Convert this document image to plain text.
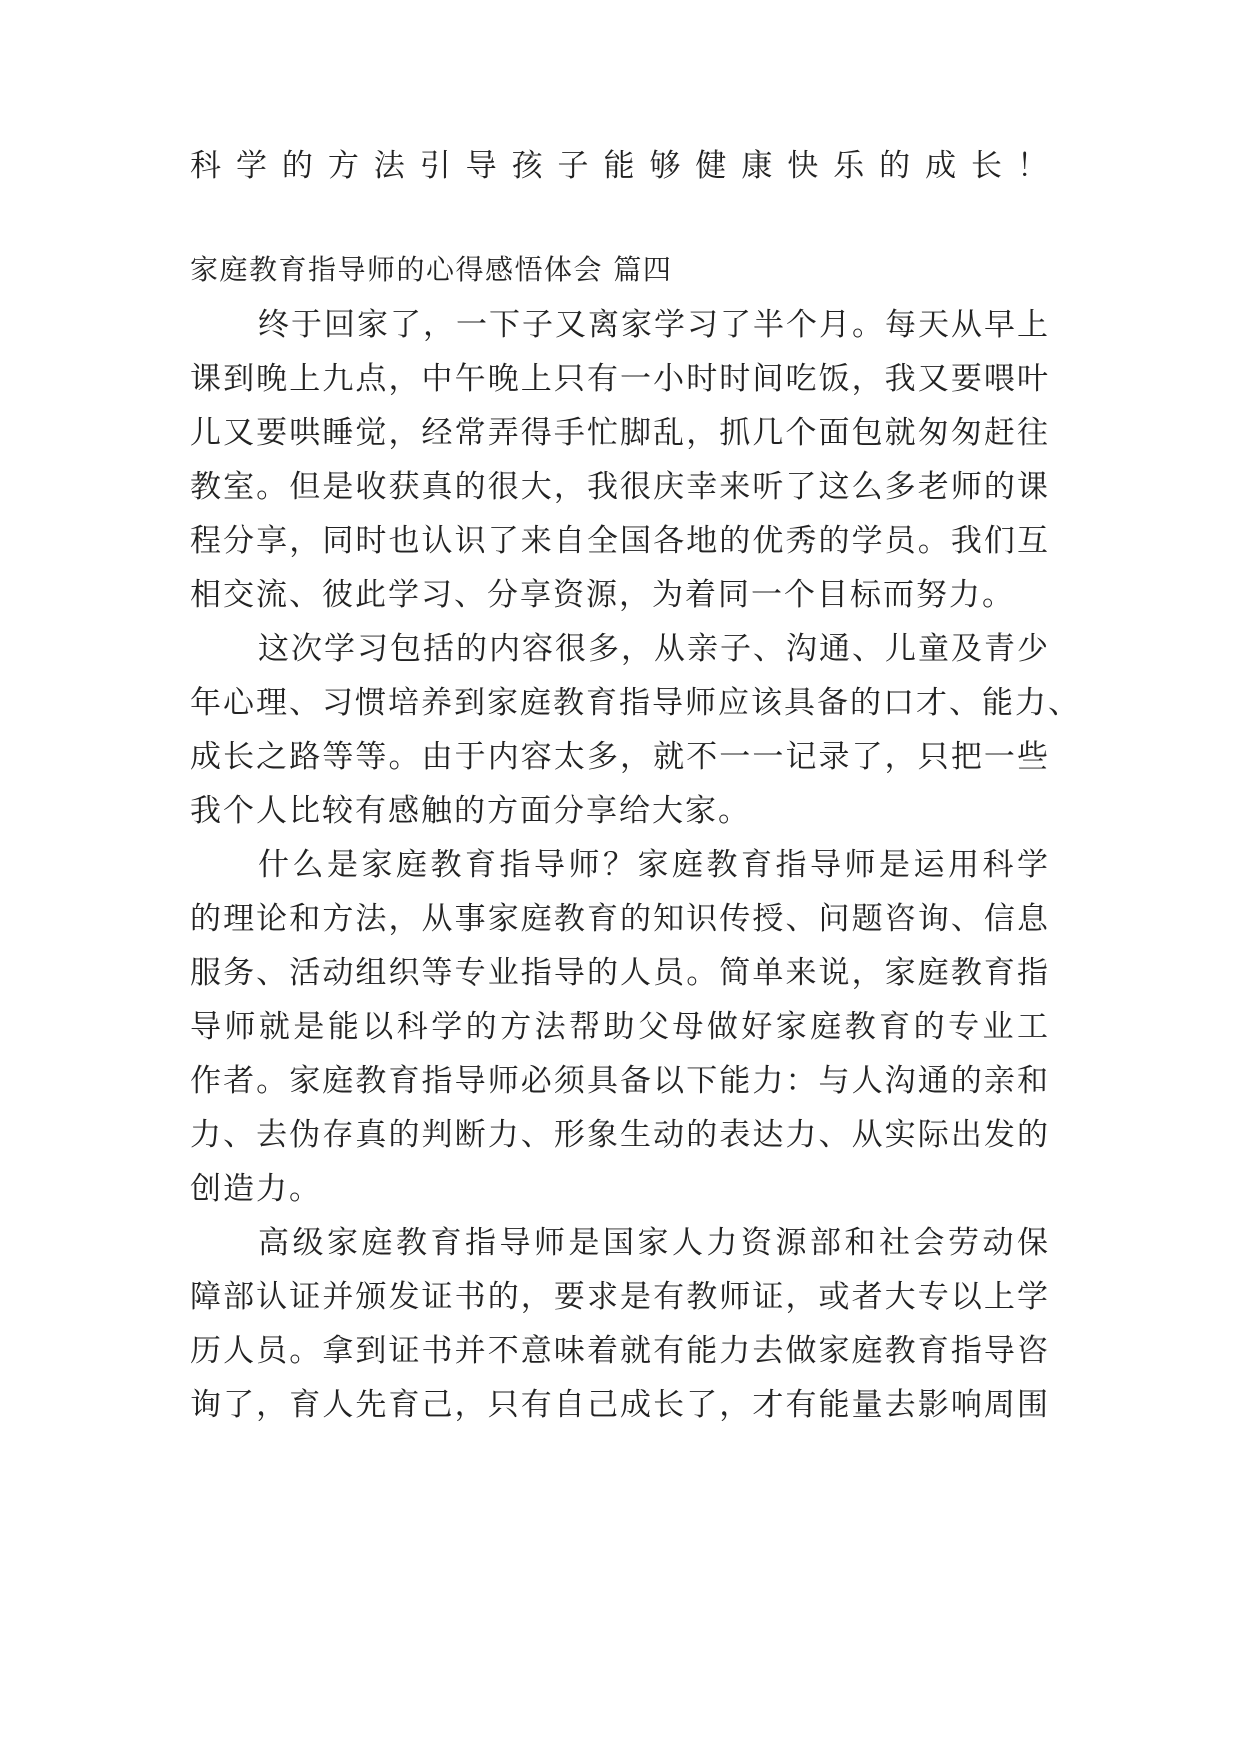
科学的方法引导孩子能够健康快乐的成长！

家庭教育指导师的心得感悟体会 篇四

终于回家了，一下子又离家学习了半个月。每天从早上

课到晚上九点，中午晚上只有一小时时间吃饭，我又要喂叶

儿又要哄睡觉，经常弄得手忙脚乱，抓几个面包就匆匆赶往

教室。但是收获真的很大，我很庆幸来听了这么多老师的课

程分享，同时也认识了来自全国各地的优秀的学员。我们互

相交流、彼此学习、分享资源，为着同一个目标而努力。

这次学习包括的内容很多，从亲子、沟通、儿童及青少

年心理、习惯培养到家庭教育指导师应该具备的口才、能力、

成长之路等等。由于内容太多，就不一一记录了，只把一些

我个人比较有感触的方面分享给大家。

什么是家庭教育指导师？家庭教育指导师是运用科学

的理论和方法，从事家庭教育的知识传授、问题咨询、信息

服务、活动组织等专业指导的人员。简单来说，家庭教育指

导师就是能以科学的方法帮助父母做好家庭教育的专业工

作者。家庭教育指导师必须具备以下能力：与人沟通的亲和

力、去伪存真的判断力、形象生动的表达力、从实际出发的

创造力。

高级家庭教育指导师是国家人力资源部和社会劳动保

障部认证并颁发证书的，要求是有教师证，或者大专以上学

历人员。拿到证书并不意味着就有能力去做家庭教育指导咨

询了，育人先育己，只有自己成长了，才有能量去影响周围
